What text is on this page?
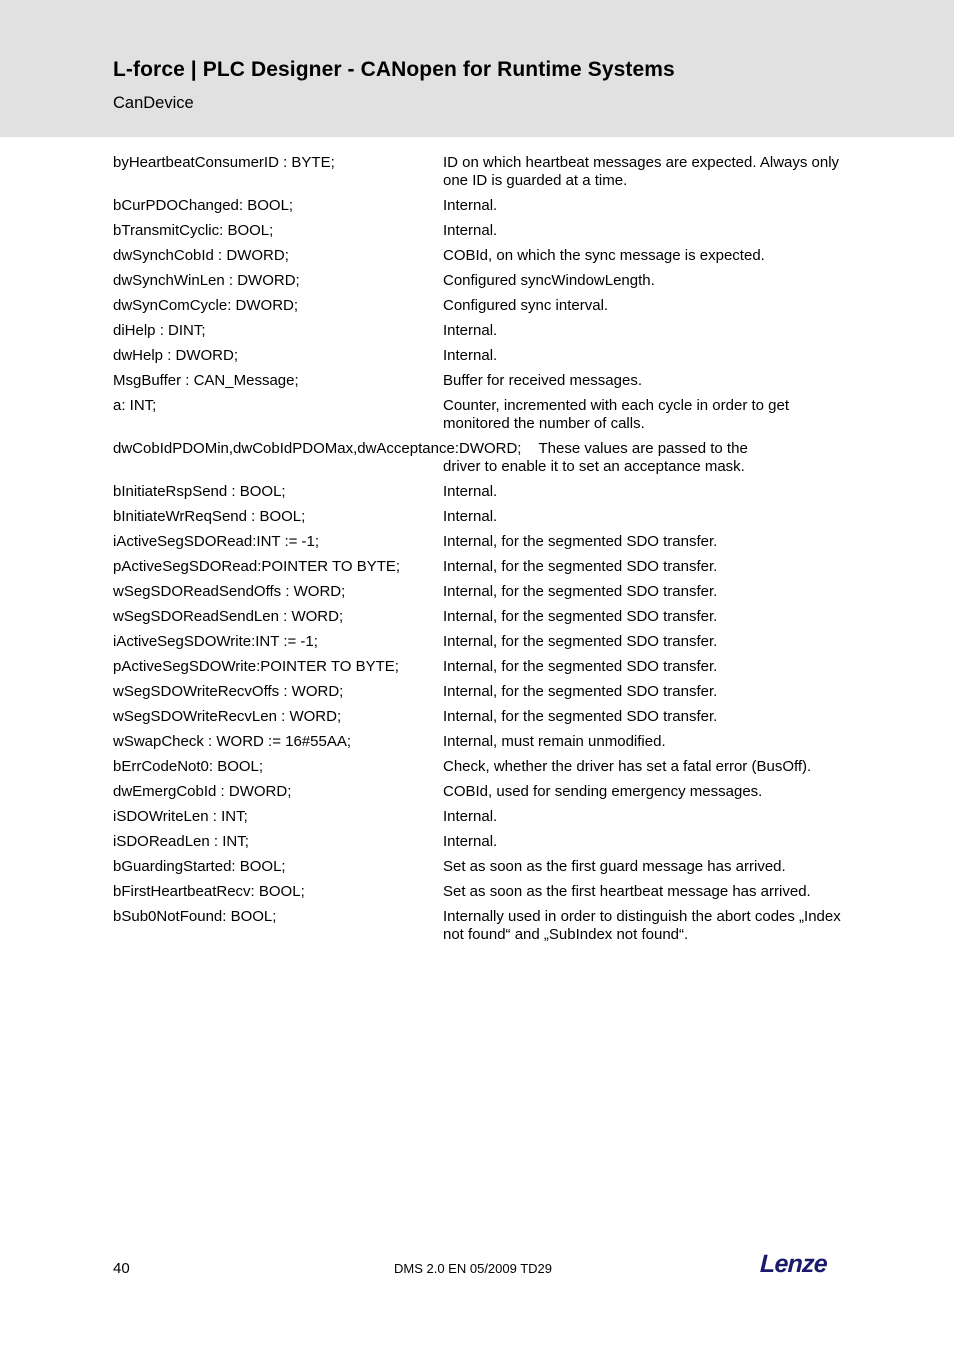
L-force | PLC Designer - CANopen for Runtime Systems
CanDevice
byHeartbeatConsumerID : BYTE;	ID on which heartbeat messages are expected. Always only one ID is guarded at a time.
bCurPDOChanged: BOOL;	Internal.
bTransmitCyclic: BOOL;	Internal.
dwSynchCobId : DWORD;	COBId, on which the sync message is expected.
dwSynchWinLen : DWORD;	Configured syncWindowLength.
dwSynComCycle: DWORD;	Configured sync interval.
diHelp : DINT;	Internal.
dwHelp : DWORD;	Internal.
MsgBuffer : CAN_Message;	Buffer for received messages.
a: INT;	Counter, incremented with each cycle in order to get monitored the number of calls.
dwCobIdPDOMin,dwCobIdPDOMax,dwAcceptance:DWORD; These values are passed to the
driver to enable it to set an acceptance mask.
bInitiateRspSend : BOOL;	Internal.
bInitiateWrReqSend : BOOL;	Internal.
iActiveSegSDORead:INT := -1;	Internal, for the segmented SDO transfer.
pActiveSegSDORead:POINTER TO BYTE;	Internal, for the segmented SDO transfer.
wSegSDOReadSendOffs : WORD;	Internal, for the segmented SDO transfer.
wSegSDOReadSendLen : WORD;	Internal, for the segmented SDO transfer.
iActiveSegSDOWrite:INT := -1;	Internal, for the segmented SDO transfer.
pActiveSegSDOWrite:POINTER TO BYTE;	Internal, for the segmented SDO transfer.
wSegSDOWriteRecvOffs : WORD;	Internal, for the segmented SDO transfer.
wSegSDOWriteRecvLen : WORD;	Internal, for the segmented SDO transfer.
wSwapCheck : WORD := 16#55AA;	Internal, must remain unmodified.
bErrCodeNot0: BOOL;	Check, whether the driver has set a fatal error (BusOff).
dwEmergCobId : DWORD;	COBId, used for sending emergency messages.
iSDOWriteLen : INT;	Internal.
iSDOReadLen : INT;	Internal.
bGuardingStarted: BOOL;	Set as soon as the first guard message has arrived.
bFirstHeartbeatRecv: BOOL;	Set as soon as the first heartbeat message has arrived.
bSub0NotFound: BOOL;	Internally used in order to distinguish the abort codes „Index not found“ and „SubIndex not found“.
40	DMS 2.0 EN 05/2009 TD29	Lenze
